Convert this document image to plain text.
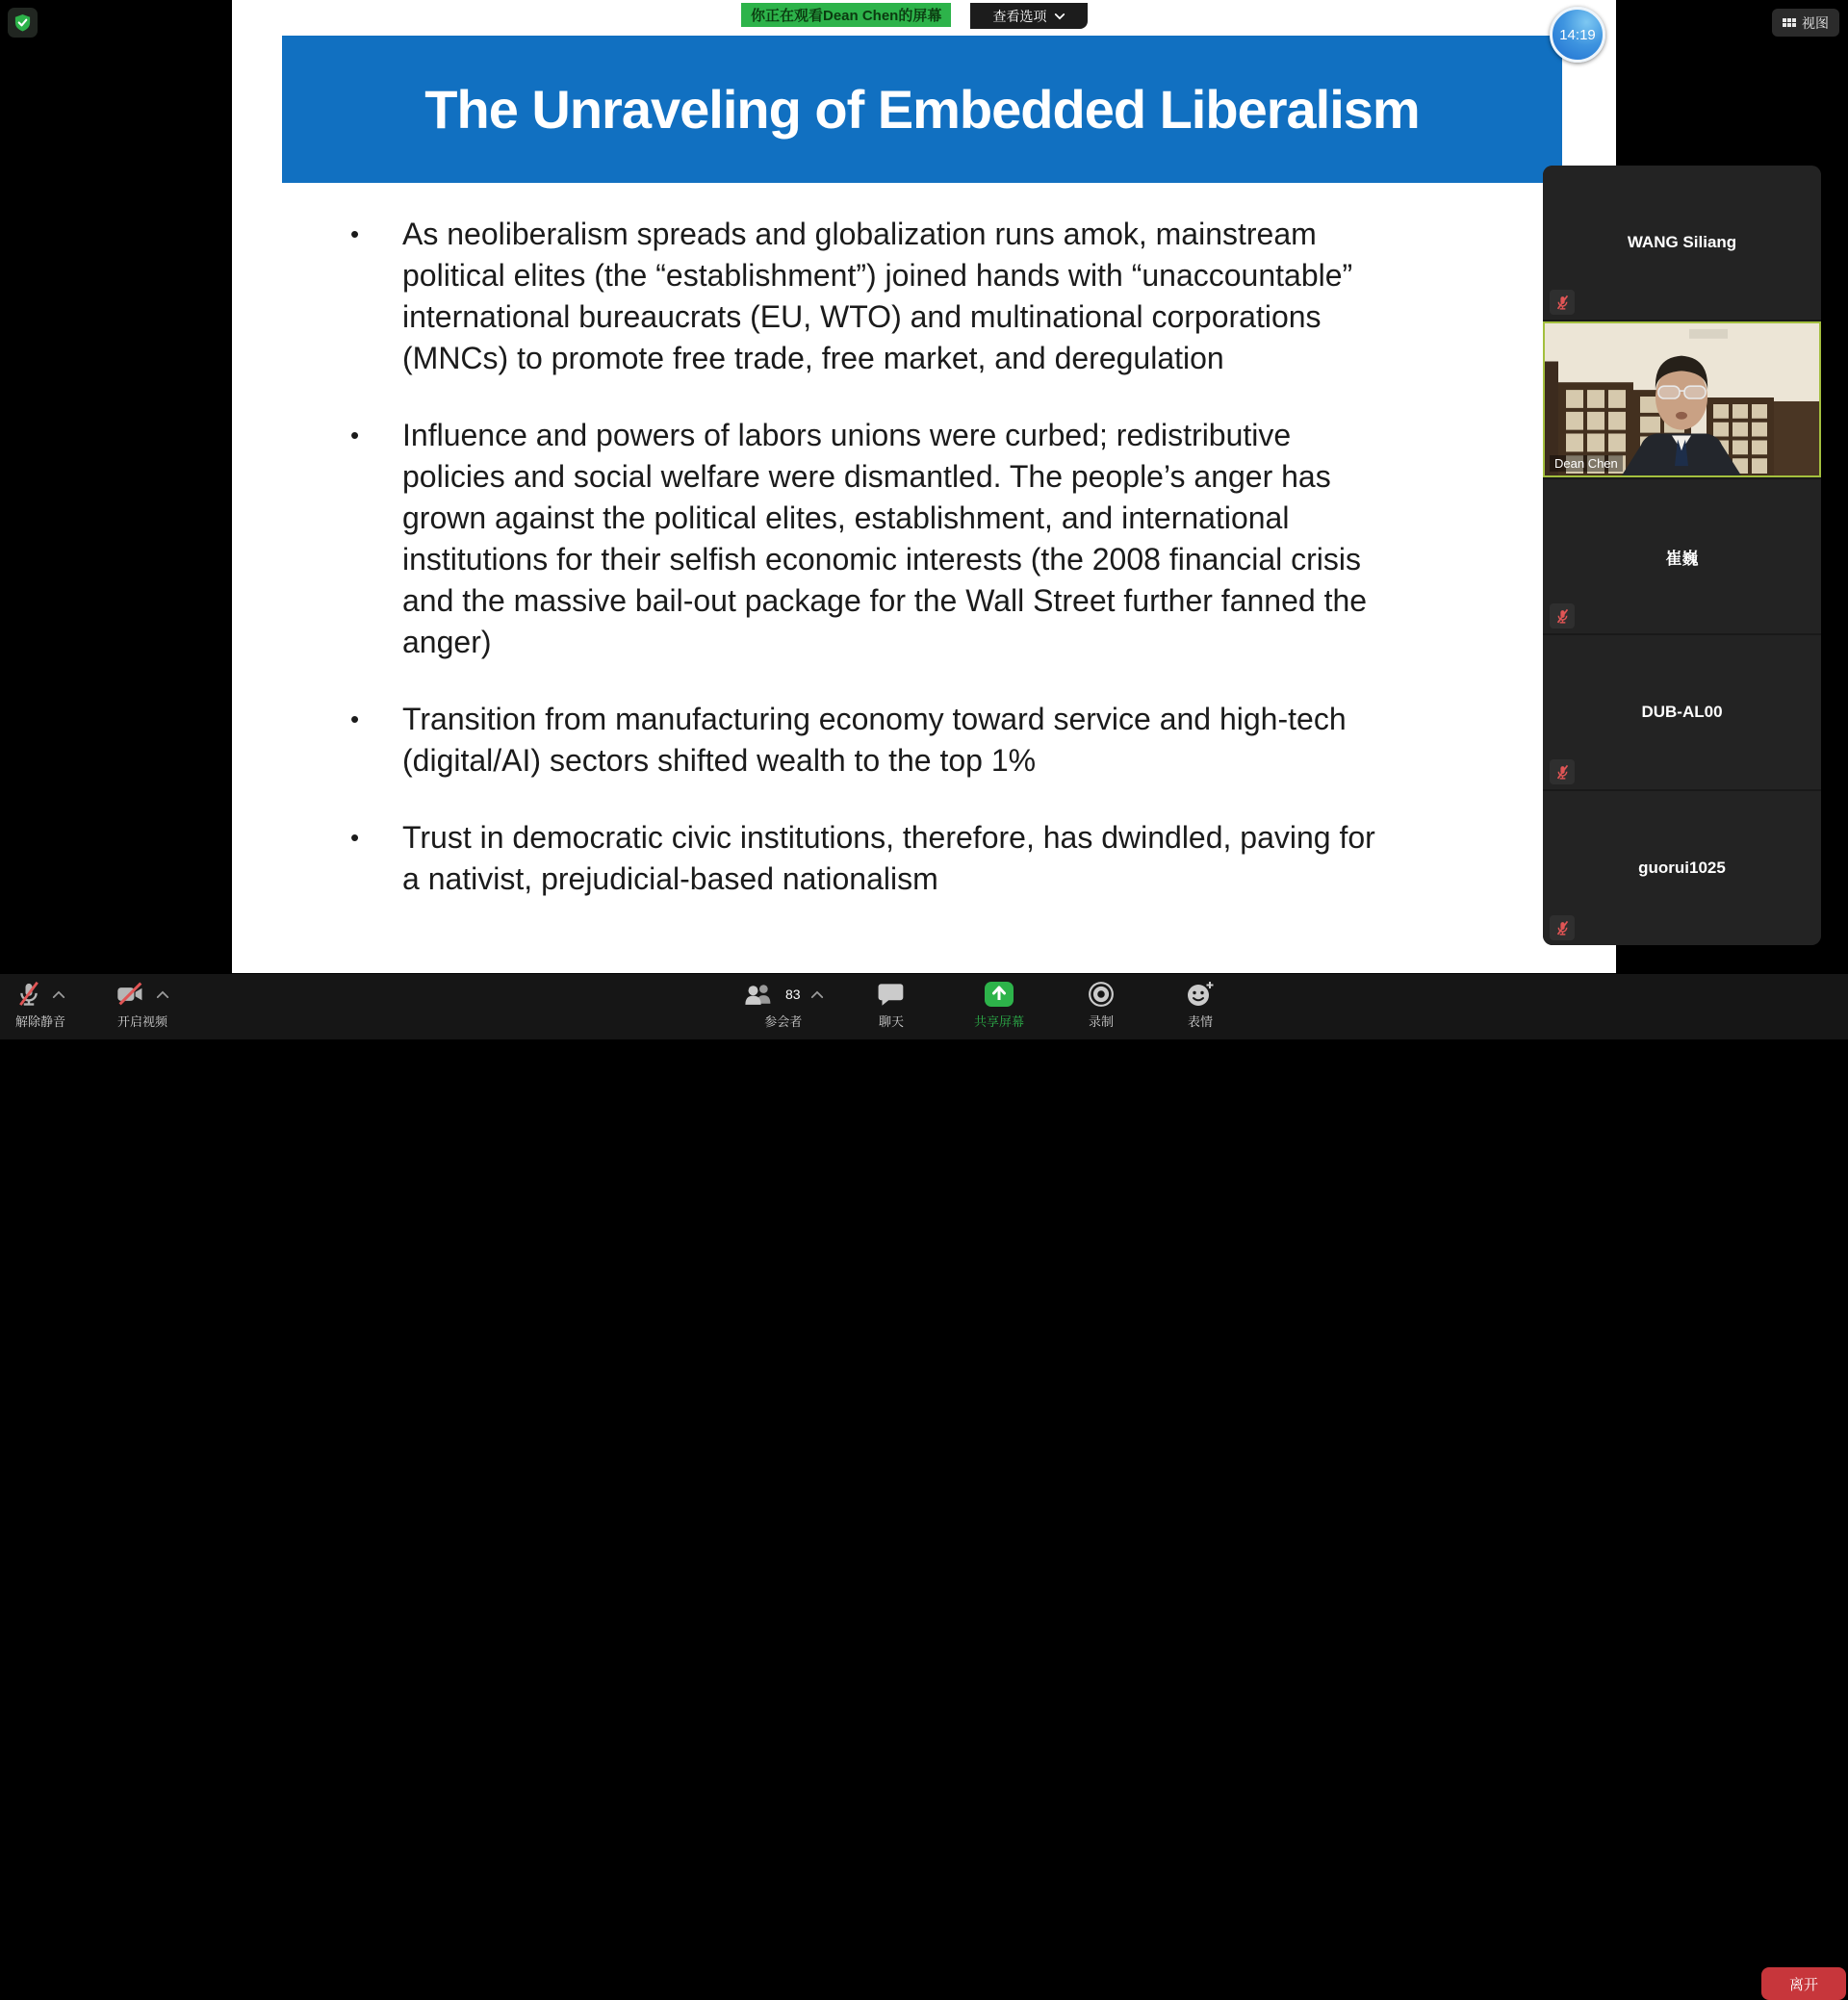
The Unraveling of Embedded Liberalism
•	As neoliberalism spreads and globalization runs amok, mainstream
political elites (the “establishment”) joined hands with “unaccountable”
international bureaucrats (EU, WTO) and multinational corporations
(MNCs) to promote free trade, free market, and deregulation
•	Influence and powers of labors unions were curbed; redistributive
policies and social welfare were dismantled. The people’s anger has
grown against the political elites, establishment, and international
institutions for their selfish economic interests (the 2008 financial crisis
and the massive bail-out package for the Wall Street further fanned the
anger)
•	Transition from manufacturing economy toward service and high-tech
(digital/AI) sectors shifted wealth to the top 1%
•	Trust in democratic civic institutions, therefore, has dwindled, paving for
a nativist, prejudicial-based nationalism
你正在观看Dean Chen的屏幕	查看选项
14:19
视图
WANG Siliang
Dean Chen
崔巍
DUB-AL00
guorui1025
解除静音	开启视频
83
参会者	聊天	共享屏幕	录制	表情
离开
